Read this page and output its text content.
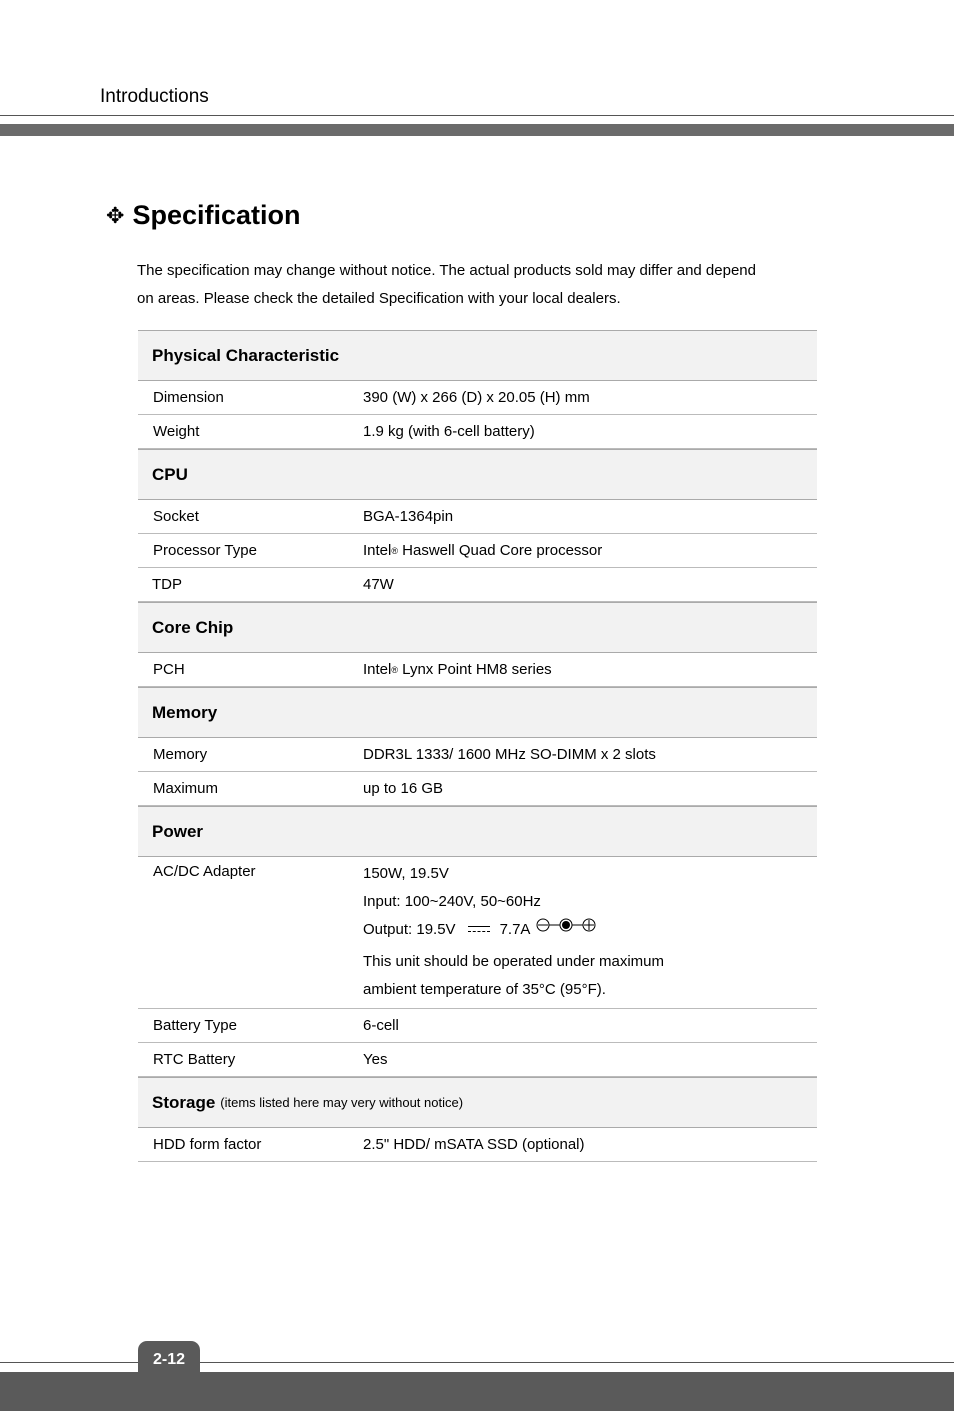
Introductions
✥ Specification
The specification may change without notice. The actual products sold may differ and depend
on areas. Please check the detailed Specification with your local dealers.
Physical Characteristic
Dimension	390 (W) x 266 (D) x 20.05 (H) mm
Weight	1.9 kg (with 6-cell battery)
CPU
Socket	BGA-1364pin
Processor Type	Intel ® Haswell Quad Core processor
TDP	47W
Core Chip
PCH	Intel ® Lynx Point HM8 series
Memory
Memory	DDR3L 1333/ 1600 MHz SO-DIMM x 2 slots
Maximum	up to 16 GB
Power
AC/DC Adapter	150W, 19.5V
Input: 100~240V, 50~60Hz
Output: 19.5V	7.7A
This unit should be operated under maximum
ambient temperature of 35°C (95°F).
Battery Type	6-cell
RTC Battery	Yes
Storage (items listed here may very without notice)
HDD form factor	2.5" HDD/ mSATA SSD (optional)
2-12
